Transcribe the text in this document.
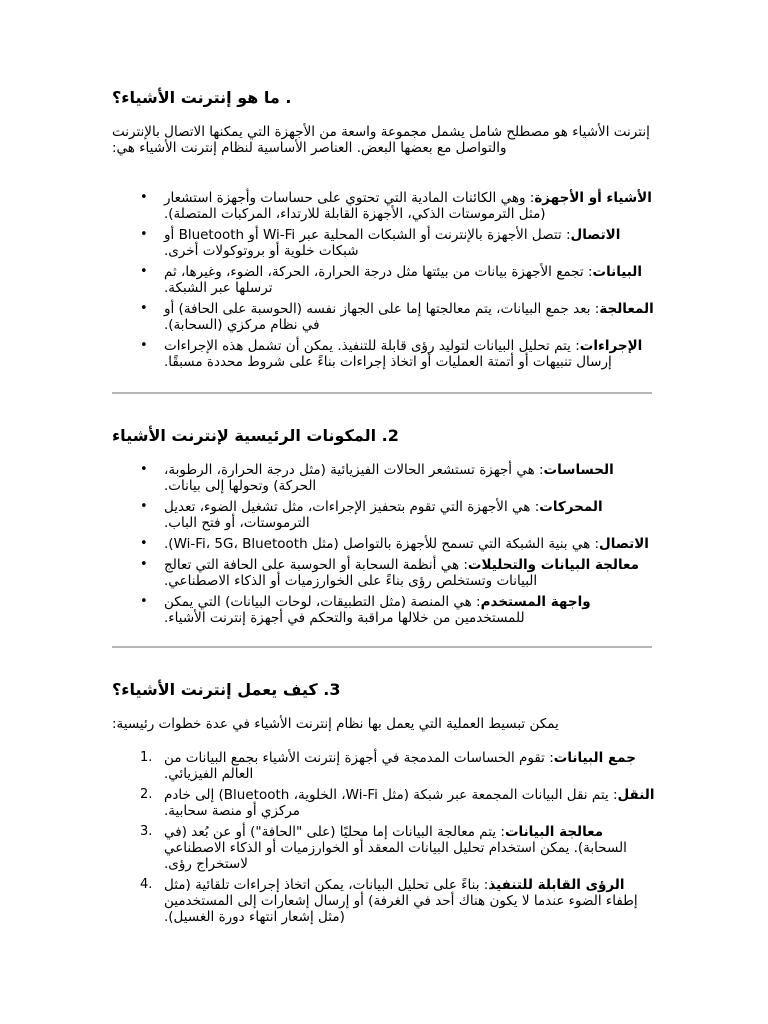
. ما هو إنترنت الأشياء؟
إنترنت الأشياء هو مصطلح شامل يشمل مجموعة واسعة من الأجهزة التي يمكنها الاتصال بالإنترنت والتواصل مع بعضها البعض. العناصر الأساسية لنظام إنترنت الأشياء هي:
•	الأشياء أو الأجهزة: وهي الكائنات المادية التي تحتوي على حساسات وأجهزة استشعار (مثل الترموستات الذكي، الأجهزة القابلة للارتداء، المركبات المتصلة).
•	الاتصال: تتصل الأجهزة بالإنترنت أو الشبكات المحلية عبر Wi-Fi أو Bluetooth أو شبكات خلوية أو بروتوكولات أخرى.
•	البيانات: تجمع الأجهزة بيانات من بيئتها مثل درجة الحرارة، الحركة، الضوء، وغيرها، ثم ترسلها عبر الشبكة.
•	المعالجة: بعد جمع البيانات، يتم معالجتها إما على الجهاز نفسه (الحوسبة على الحافة) أو في نظام مركزي (السحابة).
•	الإجراءات: يتم تحليل البيانات لتوليد رؤى قابلة للتنفيذ. يمكن أن تشمل هذه الإجراءات إرسال تنبيهات أو أتمتة العمليات أو اتخاذ إجراءات بناءً على شروط محددة مسبقًا.
2. المكونات الرئيسية لإنترنت الأشياء
•	الحساسات: هي أجهزة تستشعر الحالات الفيزيائية (مثل درجة الحرارة، الرطوبة، الحركة) وتحولها إلى بيانات.
•	المحركات: هي الأجهزة التي تقوم بتحفيز الإجراءات، مثل تشغيل الضوء، تعديل الترموستات، أو فتح الباب.
•	الاتصال: هي بنية الشبكة التي تسمح للأجهزة بالتواصل (مثل Wi-Fi، 5G، Bluetooth).
•	معالجة البيانات والتحليلات: هي أنظمة السحابة أو الحوسبة على الحافة التي تعالج البيانات وتستخلص رؤى بناءً على الخوارزميات أو الذكاء الاصطناعي.
•	واجهة المستخدم: هي المنصة (مثل التطبيقات، لوحات البيانات) التي يمكن للمستخدمين من خلالها مراقبة والتحكم في أجهزة إنترنت الأشياء.
3. كيف يعمل إنترنت الأشياء؟
يمكن تبسيط العملية التي يعمل بها نظام إنترنت الأشياء في عدة خطوات رئيسية:
1.	جمع البيانات: تقوم الحساسات المدمجة في أجهزة إنترنت الأشياء بجمع البيانات من العالم الفيزيائي.
2.	النقل: يتم نقل البيانات المجمعة عبر شبكة (مثل Wi-Fi، الخلوية، Bluetooth) إلى خادم مركزي أو منصة سحابية.
3.	معالجة البيانات: يتم معالجة البيانات إما محليًا (على "الحافة") أو عن بُعد (في السحابة). يمكن استخدام تحليل البيانات المعقد أو الخوارزميات أو الذكاء الاصطناعي لاستخراج رؤى.
4.	الرؤى القابلة للتنفيذ: بناءً على تحليل البيانات، يمكن اتخاذ إجراءات تلقائية (مثل إطفاء الضوء عندما لا يكون هناك أحد في الغرفة) أو إرسال إشعارات إلى المستخدمين (مثل إشعار انتهاء دورة الغسيل).
